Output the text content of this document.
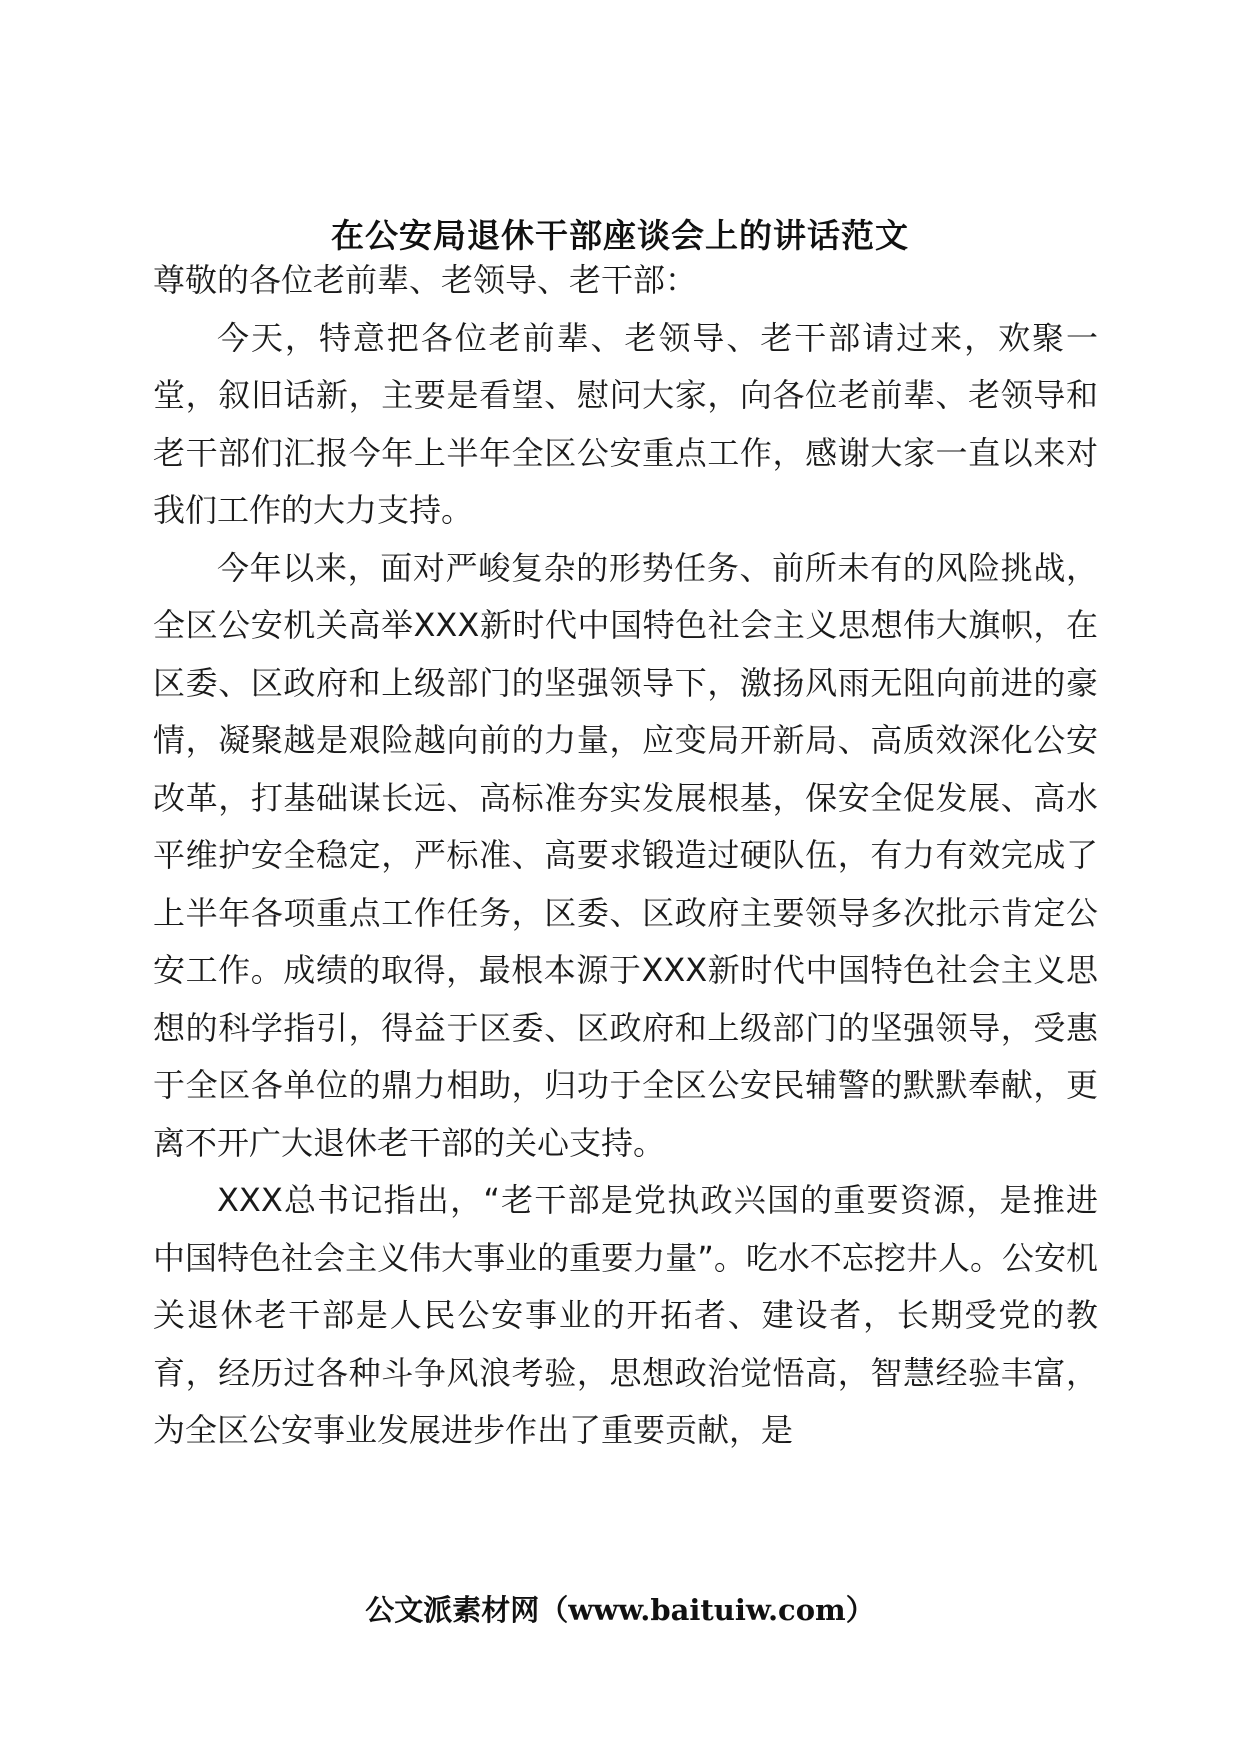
在公安局退休干部座谈会上的讲话范文

尊敬的各位老前辈、老领导、老干部：

今天，特意把各位老前辈、老领导、老干部请过来，欢聚一堂，叙旧话新，主要是看望、慰问大家，向各位老前辈、老领导和老干部们汇报今年上半年全区公安重点工作，感谢大家一直以来对我们工作的大力支持。

今年以来，面对严峻复杂的形势任务、前所未有的风险挑战，全区公安机关高举XXX新时代中国特色社会主义思想伟大旗帜，在区委、区政府和上级部门的坚强领导下，激扬风雨无阻向前进的豪情，凝聚越是艰险越向前的力量，应变局开新局、高质效深化公安改革，打基础谋长远、高标准夯实发展根基，保安全促发展、高水平维护安全稳定，严标准、高要求锻造过硬队伍，有力有效完成了上半年各项重点工作任务，区委、区政府主要领导多次批示肯定公安工作。成绩的取得，最根本源于XXX新时代中国特色社会主义思想的科学指引，得益于区委、区政府和上级部门的坚强领导，受惠于全区各单位的鼎力相助，归功于全区公安民辅警的默默奉献，更离不开广大退休老干部的关心支持。

XXX总书记指出，“老干部是党执政兴国的重要资源，是推进中国特色社会主义伟大事业的重要力量”。吃水不忘挖井人。公安机关退休老干部是人民公安事业的开拓者、建设者，长期受党的教育，经历过各种斗争风浪考验，思想政治觉悟高，智慧经验丰富，为全区公安事业发展进步作出了重要贡献，是

公文派素材网（www.baituiw.com）
